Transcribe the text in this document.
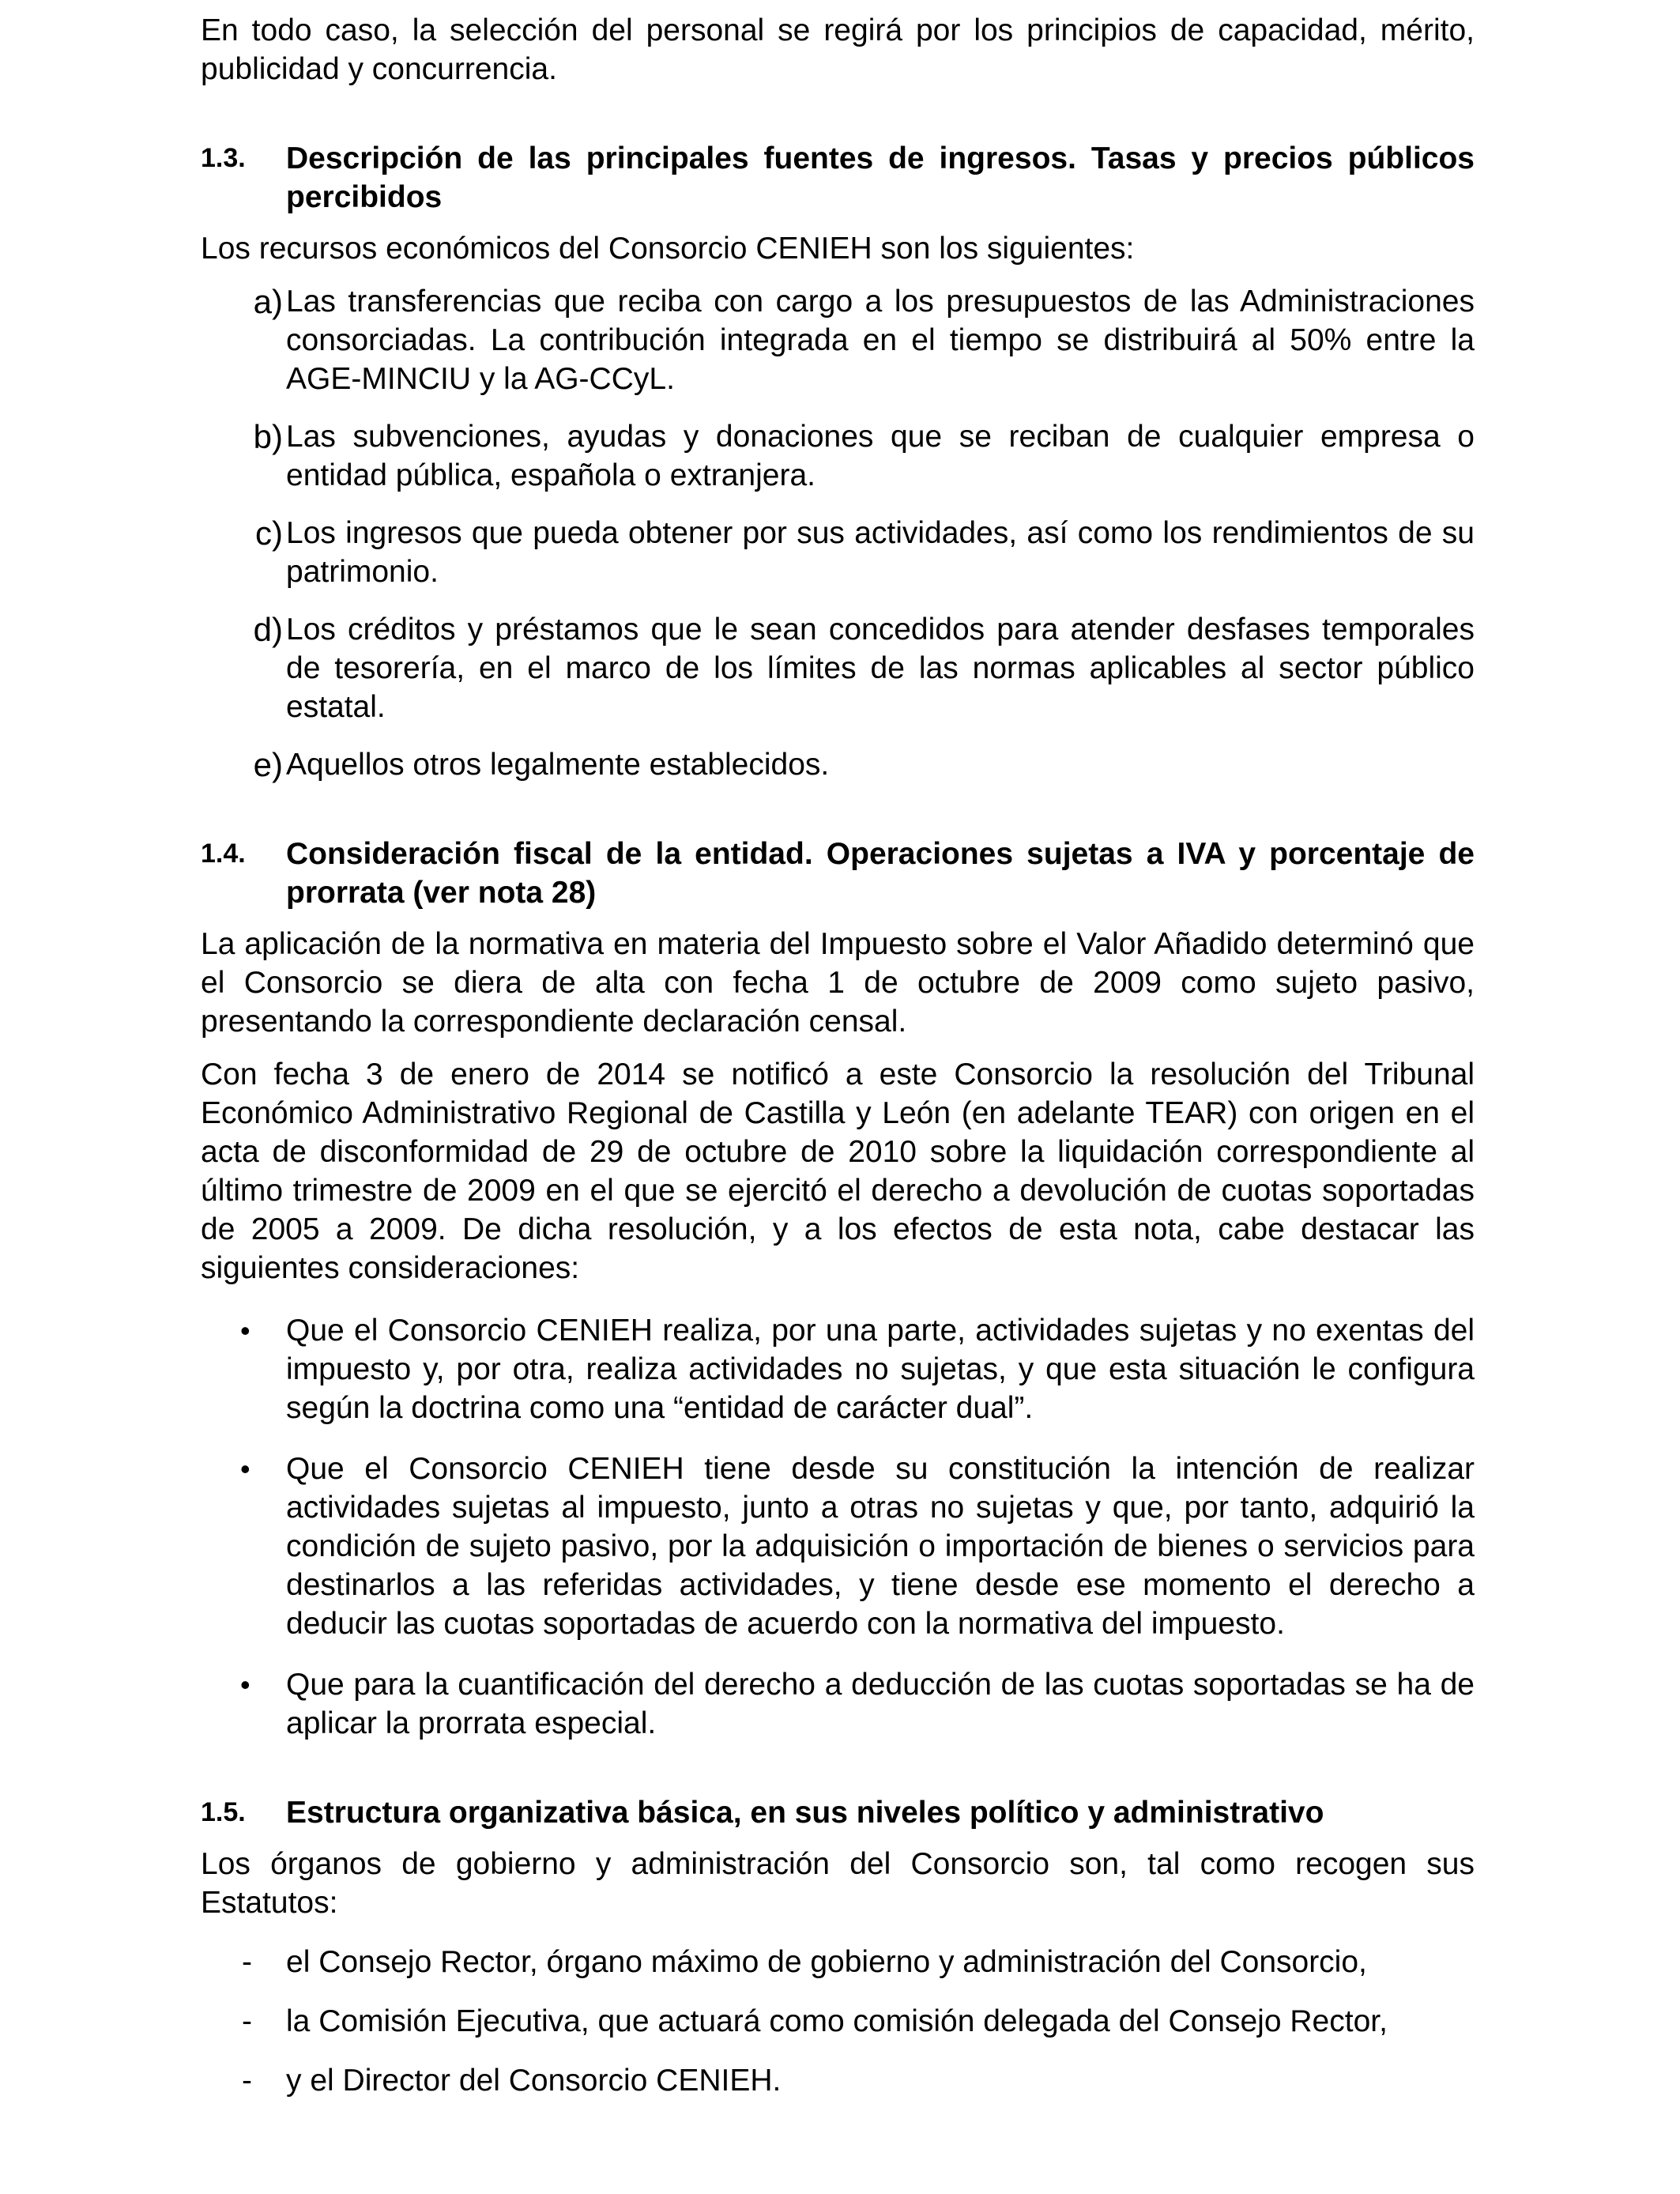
En todo caso, la selección del personal se regirá por los principios de capacidad, mérito, publicidad y concurrencia.

1.3.	Descripción de las principales fuentes de ingresos. Tasas y precios públicos percibidos

Los recursos económicos del Consorcio CENIEH son los siguientes:

a) Las transferencias que reciba con cargo a los presupuestos de las Administraciones consorciadas. La contribución integrada en el tiempo se distribuirá al 50% entre la AGE-MINCIU y la AG-CCyL.
b) Las subvenciones, ayudas y donaciones que se reciban de cualquier empresa o entidad pública, española o extranjera.
c) Los ingresos que pueda obtener por sus actividades, así como los rendimientos de su patrimonio.
d) Los créditos y préstamos que le sean concedidos para atender desfases temporales de tesorería, en el marco de los límites de las normas aplicables al sector público estatal.
e) Aquellos otros legalmente establecidos.
1.4.	Consideración fiscal de la entidad. Operaciones sujetas a IVA y porcentaje de prorrata (ver nota 28)

La aplicación de la normativa en materia del Impuesto sobre el Valor Añadido determinó que el Consorcio se diera de alta con fecha 1 de octubre de 2009 como sujeto pasivo, presentando la correspondiente declaración censal.

Con fecha 3 de enero de 2014 se notificó a este Consorcio la resolución del Tribunal Económico Administrativo Regional de Castilla y León (en adelante TEAR) con origen en el acta de disconformidad de 29 de octubre de 2010 sobre la liquidación correspondiente al último trimestre de 2009 en el que se ejercitó el derecho a devolución de cuotas soportadas de 2005 a 2009. De dicha resolución, y a los efectos de esta nota, cabe destacar las siguientes consideraciones:

•	Que el Consorcio CENIEH realiza, por una parte, actividades sujetas y no exentas del impuesto y, por otra, realiza actividades no sujetas, y que esta situación le configura según la doctrina como una “entidad de carácter dual”.
•	Que el Consorcio CENIEH tiene desde su constitución la intención de realizar actividades sujetas al impuesto, junto a otras no sujetas y que, por tanto, adquirió la condición de sujeto pasivo, por la adquisición o importación de bienes o servicios para destinarlos a las referidas actividades, y tiene desde ese momento el derecho a deducir las cuotas soportadas de acuerdo con la normativa del impuesto.
•	Que para la cuantificación del derecho a deducción de las cuotas soportadas se ha de aplicar la prorrata especial.
1.5.	Estructura organizativa básica, en sus niveles político y administrativo

Los órganos de gobierno y administración del Consorcio son, tal como recogen sus Estatutos:

-	el Consejo Rector, órgano máximo de gobierno y administración del Consorcio,
-	la Comisión Ejecutiva, que actuará como comisión delegada del Consejo Rector,
-	y el Director del Consorcio CENIEH.
